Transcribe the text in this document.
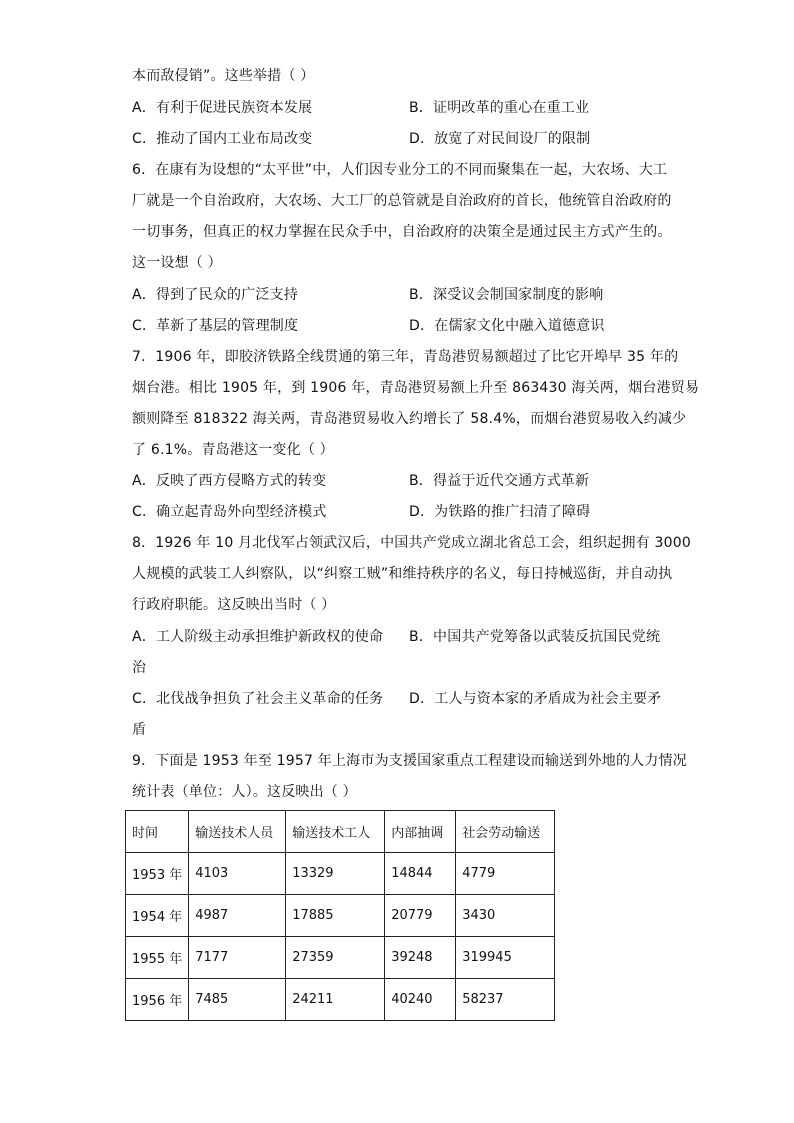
本而敌侵销”。这些举措（ ）
A．有利于促进民族资本发展	B．证明改革的重心在重工业
C．推动了国内工业布局改变	D．放宽了对民间设厂的限制
6．在康有为设想的“太平世”中，人们因专业分工的不同而聚集在一起，大农场、大工
厂就是一个自治政府，大农场、大工厂的总管就是自治政府的首长，他统管自治政府的
一切事务，但真正的权力掌握在民众手中，自治政府的决策全是通过民主方式产生的。
这一设想（ ）
A．得到了民众的广泛支持	B．深受议会制国家制度的影响
C．革新了基层的管理制度	D．在儒家文化中融入道德意识
7．1906 年，即胶济铁路全线贯通的第三年，青岛港贸易额超过了比它开埠早 35 年的
烟台港。相比 1905 年，到 1906 年，青岛港贸易额上升至 863430 海关两，烟台港贸易
额则降至 818322 海关两，青岛港贸易收入约增长了 58.4%，而烟台港贸易收入约减少
了 6.1%。青岛港这一变化（ ）
A．反映了西方侵略方式的转变	B．得益于近代交通方式革新
C．确立起青岛外向型经济模式	D．为铁路的推广扫清了障碍
8．1926 年 10 月北伐军占领武汉后，中国共产党成立湖北省总工会，组织起拥有 3000
人规模的武装工人纠察队，以“纠察工贼”和维持秩序的名义，每日持械巡街，并自动执
行政府职能。这反映出当时（ ）
A．工人阶级主动承担维护新政权的使命 B．中国共产党筹备以武装反抗国民党统
治
C．北伐战争担负了社会主义革命的任务 D．工人与资本家的矛盾成为社会主要矛
盾
9．下面是 1953 年至 1957 年上海市为支援国家重点工程建设而输送到外地的人力情况
统计表（单位：人）。这反映出（ ）
时间	输送技术人员	输送技术工人	内部抽调	社会劳动输送
1953 年	4103	13329	14844	4779
1954 年	4987	17885	20779	3430
1955 年	7177	27359	39248	319945
1956 年	7485	24211	40240	58237
